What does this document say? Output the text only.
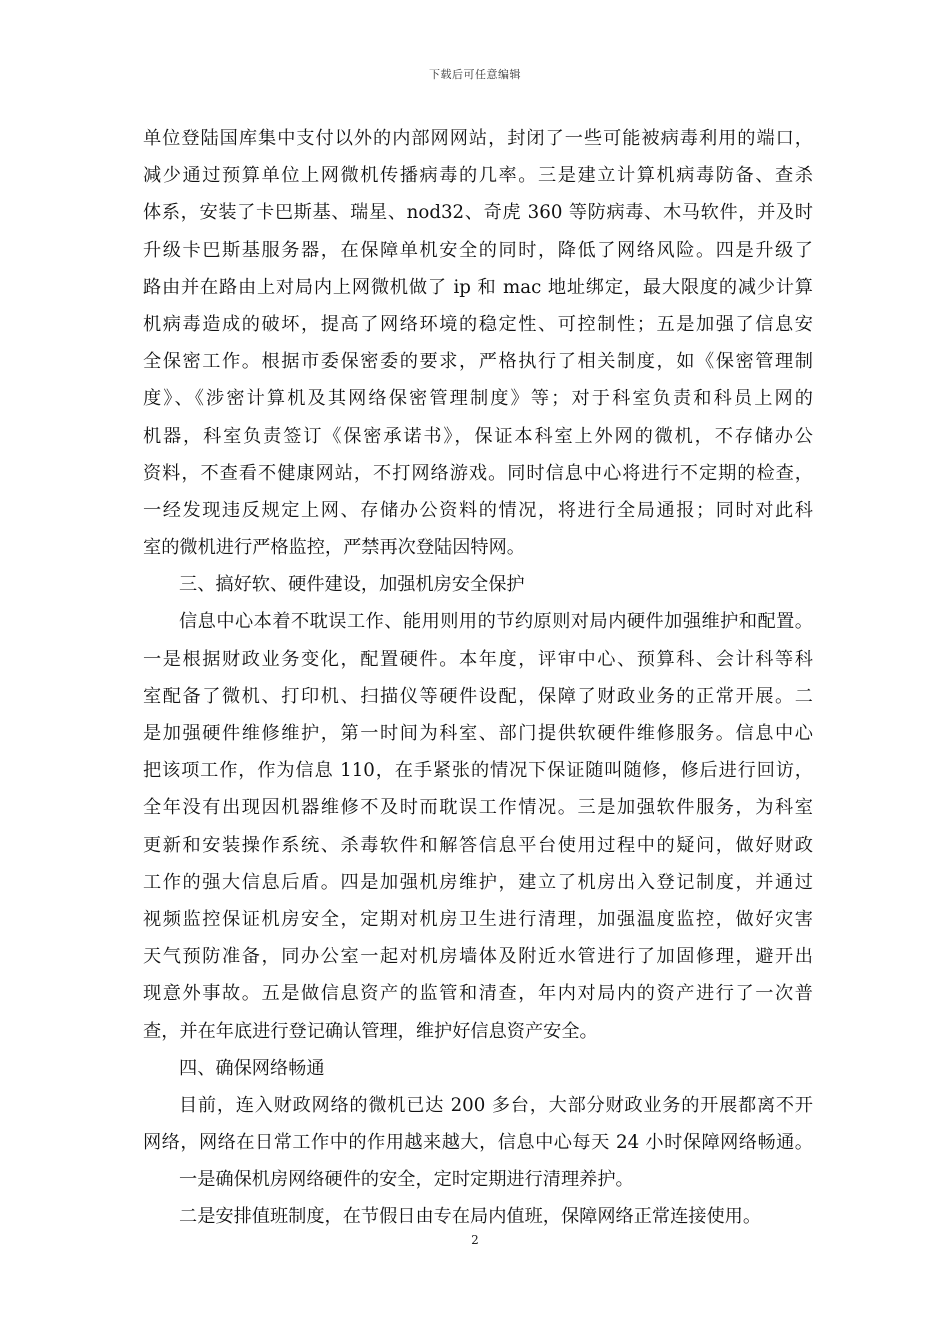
下载后可任意编辑
单位登陆国库集中支付以外的内部网网站，封闭了一些可能被病毒利用的端口，
减少通过预算单位上网微机传播病毒的几率。三是建立计算机病毒防备、查杀
体系，安装了卡巴斯基、瑞星、nod32、奇虎 360 等防病毒、木马软件，并及时
升级卡巴斯基服务器，在保障单机安全的同时，降低了网络风险。四是升级了
路由并在路由上对局内上网微机做了 ip 和 mac 地址绑定，最大限度的减少计算
机病毒造成的破坏，提高了网络环境的稳定性、可控制性；五是加强了信息安
全保密工作。根据市委保密委的要求，严格执行了相关制度，如《保密管理制
度》、《涉密计算机及其网络保密管理制度》等；对于科室负责和科员上网的
机器，科室负责签订《保密承诺书》，保证本科室上外网的微机，不存储办公
资料，不查看不健康网站，不打网络游戏。同时信息中心将进行不定期的检查，
一经发现违反规定上网、存储办公资料的情况，将进行全局通报；同时对此科
室的微机进行严格监控，严禁再次登陆因特网。
三、搞好软、硬件建设，加强机房安全保护
信息中心本着不耽误工作、能用则用的节约原则对局内硬件加强维护和配置。
一是根据财政业务变化，配置硬件。本年度，评审中心、预算科、会计科等科
室配备了微机、打印机、扫描仪等硬件设配，保障了财政业务的正常开展。二
是加强硬件维修维护，第一时间为科室、部门提供软硬件维修服务。信息中心
把该项工作，作为信息 110，在手紧张的情况下保证随叫随修，修后进行回访，
全年没有出现因机器维修不及时而耽误工作情况。三是加强软件服务，为科室
更新和安装操作系统、杀毒软件和解答信息平台使用过程中的疑问，做好财政
工作的强大信息后盾。四是加强机房维护，建立了机房出入登记制度，并通过
视频监控保证机房安全，定期对机房卫生进行清理，加强温度监控，做好灾害
天气预防准备，同办公室一起对机房墙体及附近水管进行了加固修理，避开出
现意外事故。五是做信息资产的监管和清查，年内对局内的资产进行了一次普
查，并在年底进行登记确认管理，维护好信息资产安全。
四、确保网络畅通
目前，连入财政网络的微机已达 200 多台，大部分财政业务的开展都离不开
网络，网络在日常工作中的作用越来越大，信息中心每天 24 小时保障网络畅通。
一是确保机房网络硬件的安全，定时定期进行清理养护。
二是安排值班制度，在节假日由专在局内值班，保障网络正常连接使用。
2
